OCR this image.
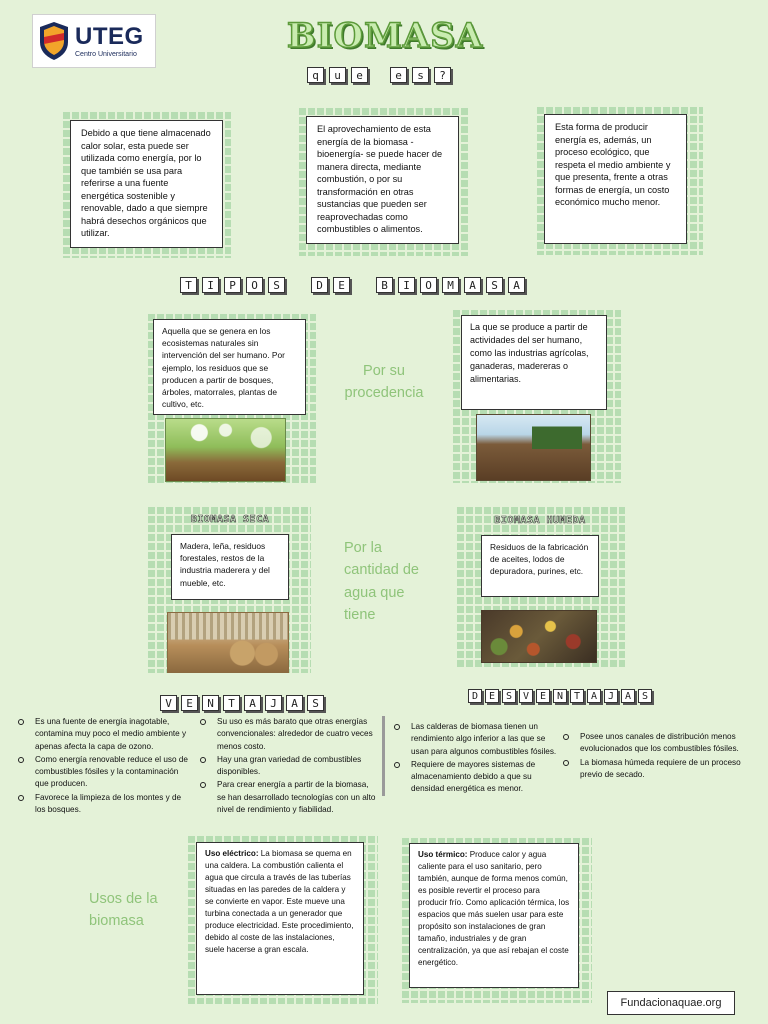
UTEG
Centro Universitario	BIOMASA
q	u	e	e	s	?
Debido a que tiene almacenado calor solar, esta puede ser utilizada como energía, por lo que también se usa para referirse a una fuente energética sostenible y renovable, dado a que siempre habrá desechos orgánicos que utilizar.
El aprovechamiento de esta energía de la biomasa - bioenergía- se puede hacer de manera directa, mediante combustión, o por su transformación en otras sustancias que pueden ser reaprovechadas como combustibles o alimentos.
Esta forma de producir energía es, además, un proceso ecológico, que respeta el medio ambiente y que presenta, frente a otras formas de energía, un costo económico mucho menor.
T	I	P	O	S	D	E	B	I	O	M	A	S	A
Aquella que se genera en los ecosistemas naturales sin intervención del ser humano. Por ejemplo, los residuos que se producen a partir de bosques, árboles, matorrales, plantas de cultivo, etc.
Por su procedencia
La que se produce a partir de actividades del ser humano, como las industrias agrícolas, ganaderas, madereras o alimentarias.
BIOMASA SECA
Madera, leña, residuos forestales, restos de la industria maderera y del mueble, etc.
Por la cantidad de agua que tiene
BIOMASA HUMEDA
Residuos de la fabricación de aceites, lodos de depuradora, purines, etc.
V	E	N	T	A	J	A	S
Es una fuente de energía inagotable, contamina muy poco el medio ambiente y apenas afecta la capa de ozono.
Como energía renovable reduce el uso de combustibles fósiles y la contaminación que producen.
Favorece la limpieza de los montes y de los bosques.
Su uso es más barato que otras energías convencionales: alrededor de cuatro veces menos costo.
Hay una gran variedad de combustibles disponibles.
Para crear energía a partir de la biomasa, se han desarrollado tecnologías con un alto nivel de rendimiento y fiabilidad.
D	E	S	V	E	N	T	A	J	A	S
Las calderas de biomasa tienen un rendimiento algo inferior a las que se usan para algunos combustibles fósiles.
Requiere de mayores sistemas de almacenamiento debido a que su densidad energética es menor.
Posee unos canales de distribución menos evolucionados que los combustibles fósiles.
La biomasa húmeda requiere de un proceso previo de secado.
Usos de la biomasa
Uso eléctrico: La biomasa se quema en una caldera. La combustión calienta el agua que circula a través de las tuberías situadas en las paredes de la caldera y se convierte en vapor. Este mueve una turbina conectada a un generador que produce electricidad. Este procedimiento, debido al coste de las instalaciones, suele hacerse a gran escala.
Uso térmico: Produce calor y agua caliente para el uso sanitario, pero también, aunque de forma menos común, es posible revertir el proceso para producir frío. Como aplicación térmica, los espacios que más suelen usar para este propósito son instalaciones de gran tamaño, industriales y de gran centralización, ya que así rebajan el coste energético.
Fundacionaquae.org
